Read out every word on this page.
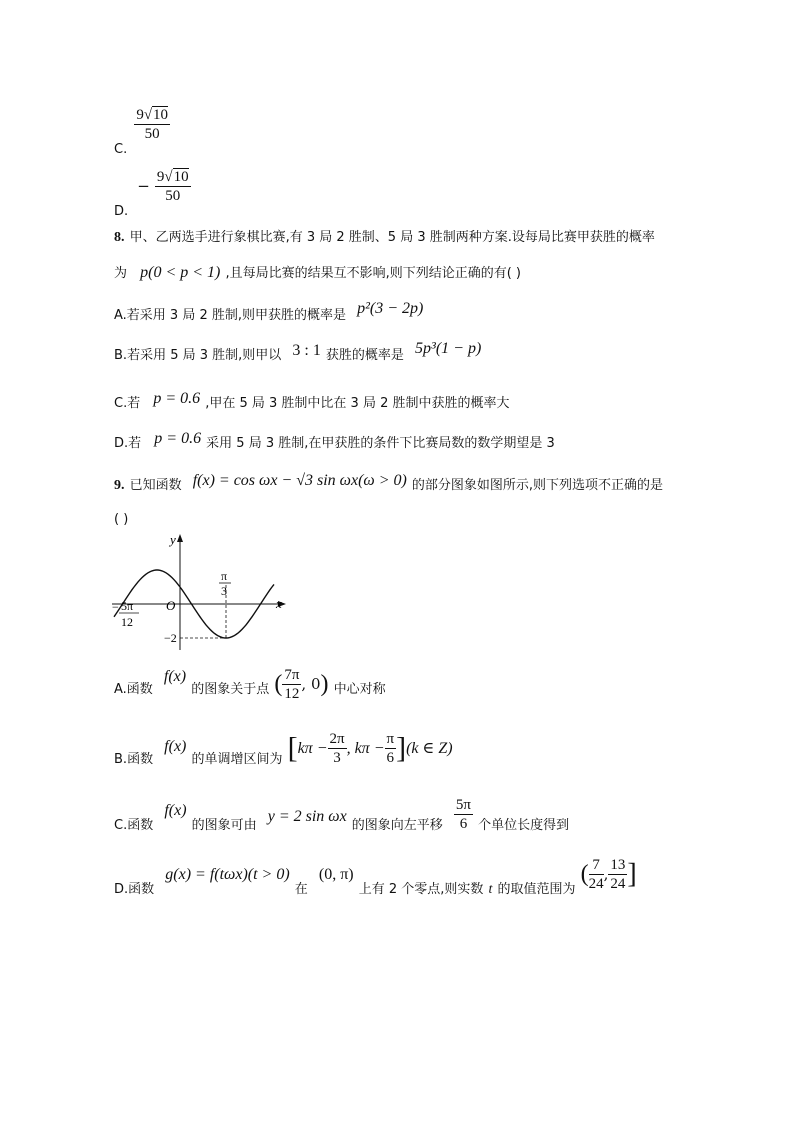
$_{C.}$
$\frac{9√10}{50}$
$_{D.} - \frac{9√10}{50}$
8. 甲、乙两选手进行象棋比赛,有 3 局 2 胜制、5 局 3 胜制两种方案.设每局比赛甲获胜的概率
为 p(0 < p < 1) ,且每局比赛的结果互不影响,则下列结论正确的有( )
A.若采用 3 局 2 胜制,则甲获胜的概率是 p²(3 − 2p)
B.若采用 5 局 3 胜制,则甲以 3 : 1 获胜的概率是 5p³(1 − p)
C.若 p = 0.6 ,甲在 5 局 3 胜制中比在 3 局 2 胜制中获胜的概率大
D.若 p = 0.6 采用 5 局 3 胜制,在甲获胜的条件下比赛局数的数学期望是 3
9. 已知函数 f(x) = cos ωx − √3 sin ωx(ω > 0) 的部分图象如图所示,则下列选项不正确的是
( )
y
x
O
−2
π
3
− 5π
12
$_{A.函数}$ f(x) $_{的图象关于点}$ ( $\frac{7\pi}{12}$ , 0) $_{中心对称}$
$_{B.函数}$ f(x) $_{的单调增区间为}$ [$k\pi - \frac{2\pi}{3}$ , $k\pi - \frac{\pi}{6} ](k$ ∈ Z)
$_{C.函数}$ f(x) $_{的图象可由}$ y = 2 sin ωx $_{的图象向左平移} \frac{5\pi}{6} _{个单位长度得到}$
$_{D.函数}$ g(x) = f(tωx)(t > 0) $_在$ (0, π) $_{上有 2 个零点,则实数}$ t $_{的取值范围为}$ ( $\frac{7}{24}$ , $\frac{13}{24}$ ]
